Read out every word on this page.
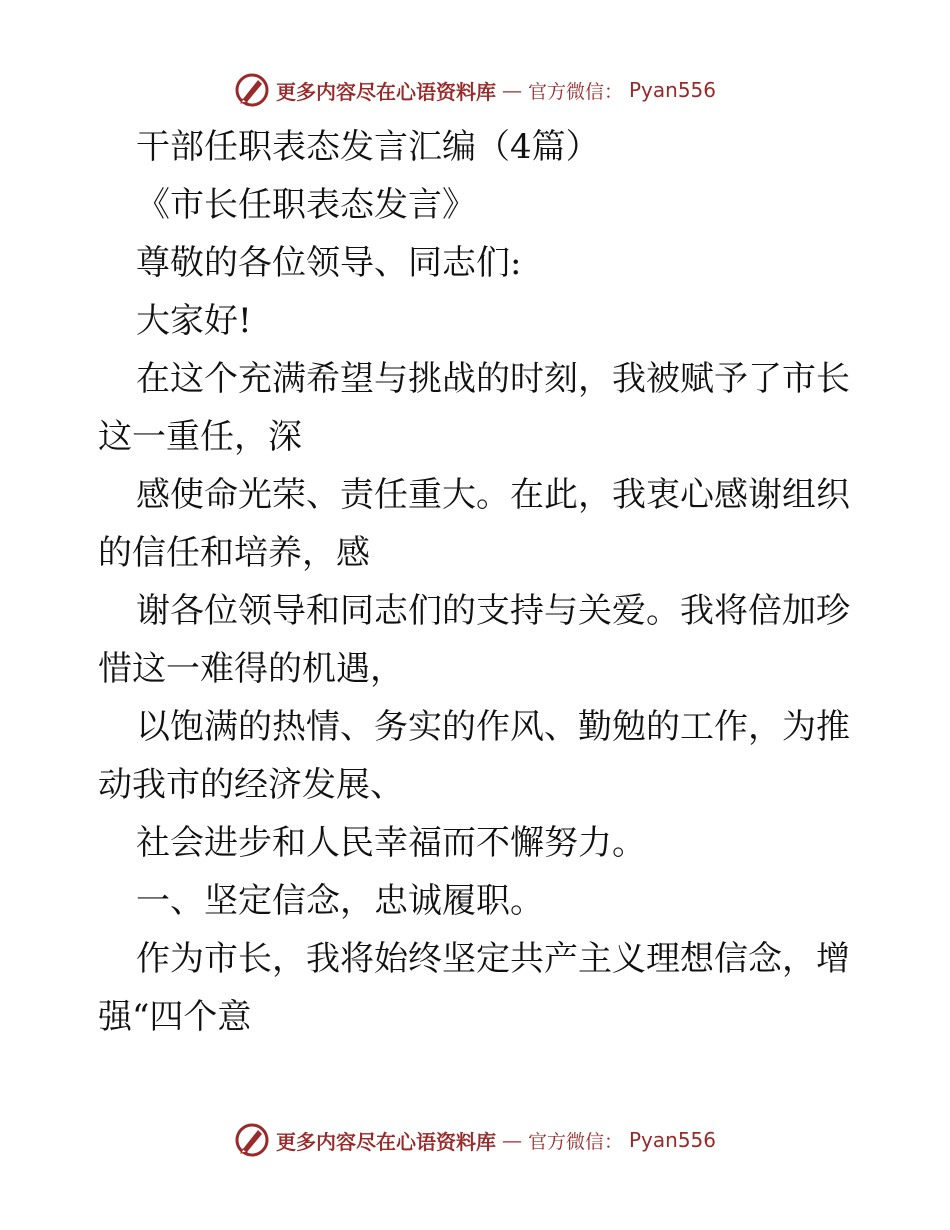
更多内容尽在心语资料库 — 官方微信： Pyan556

干部任职表态发言汇编（4篇）

《市长任职表态发言》

尊敬的各位领导、同志们:

大家好!

在这个充满希望与挑战的时刻，我被赋予了市长

这一重任，深

感使命光荣、责任重大。在此，我衷心感谢组织

的信任和培养，感

谢各位领导和同志们的支持与关爱。我将倍加珍

惜这一难得的机遇，

以饱满的热情、务实的作风、勤勉的工作，为推

动我市的经济发展、

社会进步和人民幸福而不懈努力。

一、坚定信念，忠诚履职。

作为市长，我将始终坚定共产主义理想信念，增

强“四个意

更多内容尽在心语资料库 — 官方微信： Pyan556
